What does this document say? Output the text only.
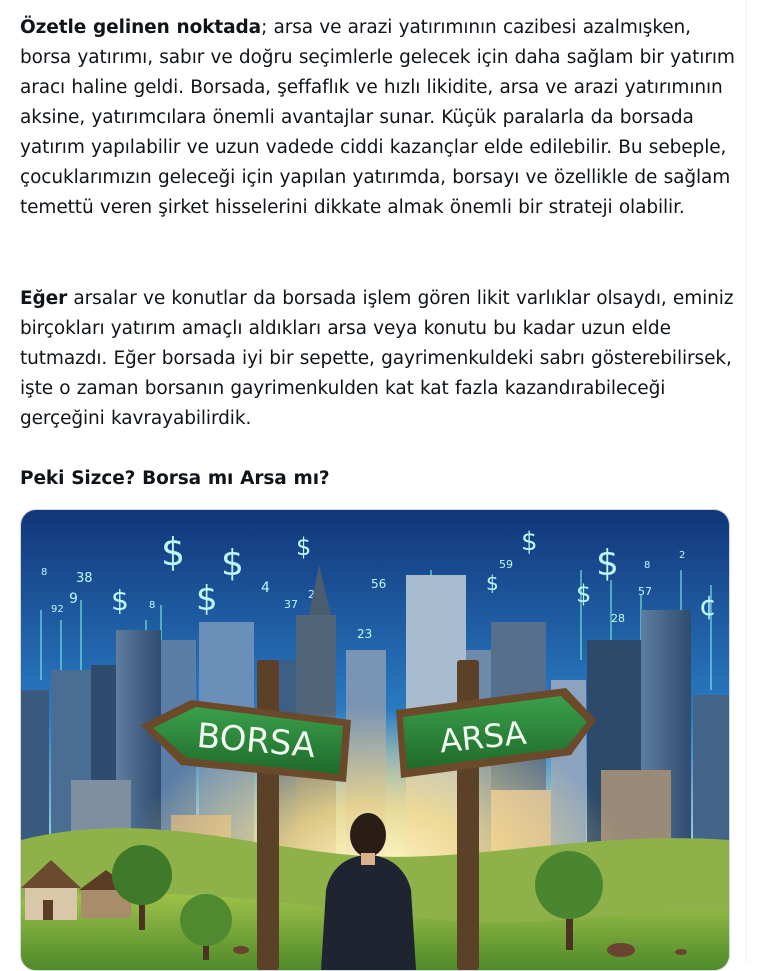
Özetle gelinen noktada; arsa ve arazi yatırımının cazibesi azalmışken, borsa yatırımı, sabır ve doğru seçimlerle gelecek için daha sağlam bir yatırım aracı haline geldi. Borsada, şeffaflık ve hızlı likidite, arsa ve arazi yatırımının aksine, yatırımcılara önemli avantajlar sunar. Küçük paralarla da borsada yatırım yapılabilir ve uzun vadede ciddi kazançlar elde edilebilir. Bu sebeple, çocuklarımızın geleceği için yapılan yatırımda, borsayı ve özellikle de sağlam temettü veren şirket hisselerini dikkate almak önemli bir strateji olabilir.

Eğer arsalar ve konutlar da borsada işlem gören likit varlıklar olsaydı, eminiz birçokları yatırım amaçlı aldıkları arsa veya konutu bu kadar uzun elde tutmazdı. Eğer borsada iyi bir sepette, gayrimenkuldeki sabrı gösterebilirsek, işte o zaman borsanın gayrimenkulden kat kat fazla kazandırabileceği gerçeğini kavrayabilirdik.

Peki Sizce? Borsa mı Arsa mı?

BORSA	ARSA
